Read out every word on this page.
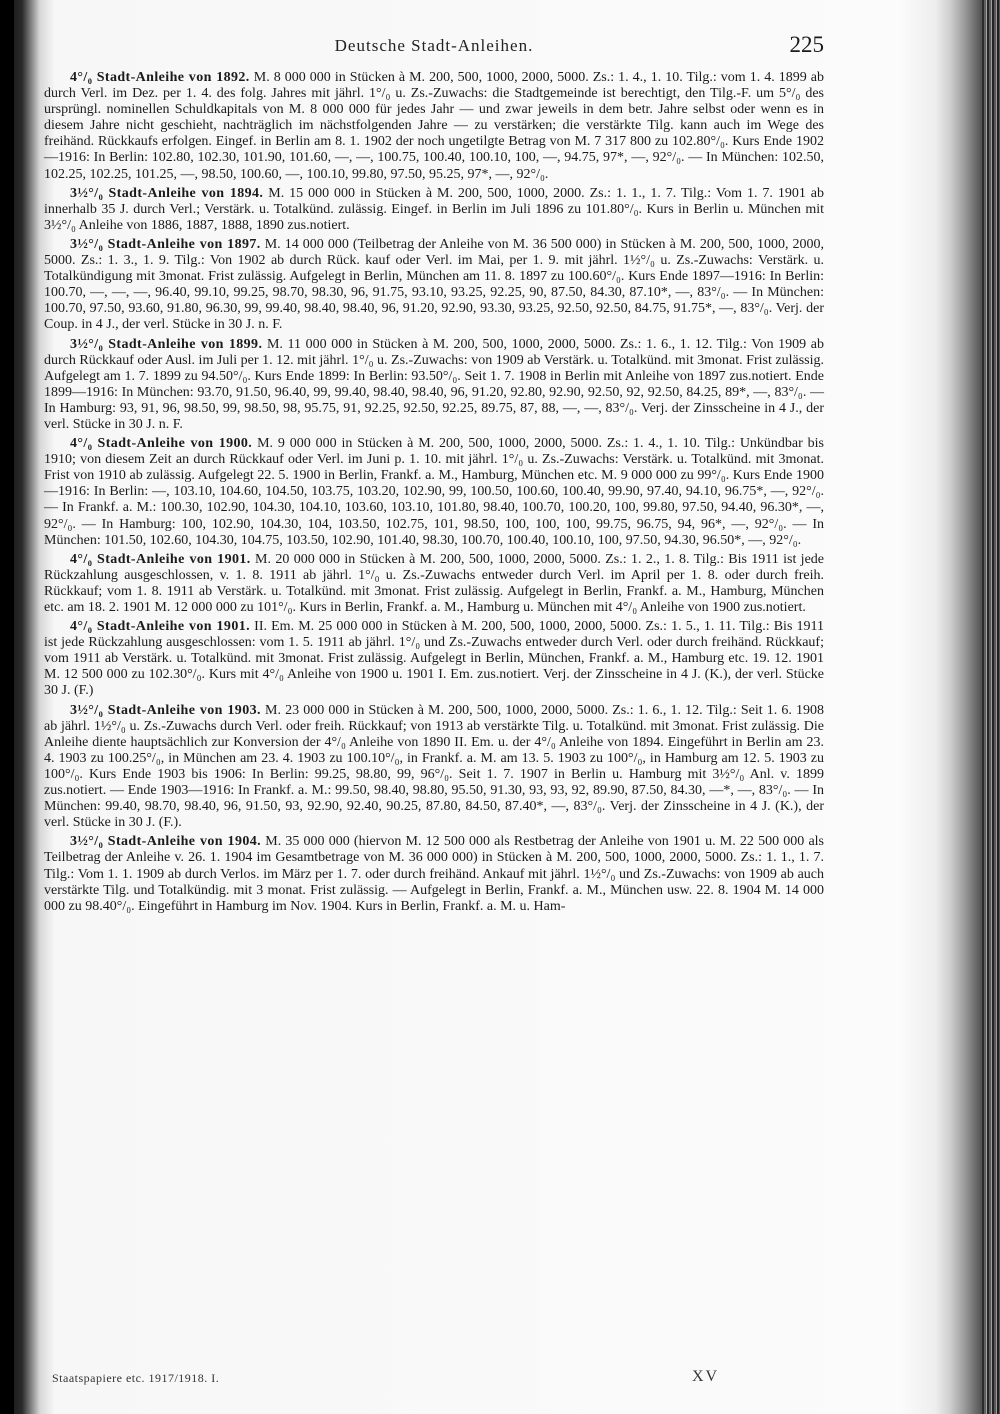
Deutsche Stadt-Anleihen.	225

4°/₀ Stadt-Anleihe von 1892. M. 8 000 000 in Stücken à M. 200, 500, 1000, 2000, 5000. Zs.: 1. 4., 1. 10. Tilg.: vom 1. 4. 1899 ab durch Verl. im Dez. per 1. 4. des folg. Jahres mit jährl. 1°/₀ u. Zs.-Zuwachs: die Stadtgemeinde ist berechtigt, den Tilg.-F. um 5°/₀ des ursprüngl. nominellen Schuldkapitals von M. 8 000 000 für jedes Jahr — und zwar jeweils in dem betr. Jahre selbst oder wenn es in diesem Jahre nicht geschieht, nachträglich im nächstfolgenden Jahre — zu verstärken; die verstärkte Tilg. kann auch im Wege des freihänd. Rückkaufs erfolgen. Eingef. in Berlin am 8. 1. 1902 der noch ungetilgte Betrag von M. 7 317 800 zu 102.80°/₀. Kurs Ende 1902—1916: In Berlin: 102.80, 102.30, 101.90, 101.60, —, —, 100.75, 100.40, 100.10, 100, —, 94.75, 97*, —, 92°/₀. — In München: 102.50, 102.25, 102.25, 101.25, —, 98.50, 100.60, —, 100.10, 99.80, 97.50, 95.25, 97*, —, 92°/₀.

3½°/₀ Stadt-Anleihe von 1894. M. 15 000 000 in Stücken à M. 200, 500, 1000, 2000. Zs.: 1. 1., 1. 7. Tilg.: Vom 1. 7. 1901 ab innerhalb 35 J. durch Verl.; Verstärk. u. Totalkünd. zulässig. Eingef. in Berlin im Juli 1896 zu 101.80°/₀. Kurs in Berlin u. München mit 3½°/₀ Anleihe von 1886, 1887, 1888, 1890 zus.notiert.

3½°/₀ Stadt-Anleihe von 1897. M. 14 000 000 (Teilbetrag der Anleihe von M. 36 500 000) in Stücken à M. 200, 500, 1000, 2000, 5000. Zs.: 1. 3., 1. 9. Tilg.: Von 1902 ab durch Rück. kauf oder Verl. im Mai, per 1. 9. mit jährl. 1½°/₀ u. Zs.-Zuwachs: Verstärk. u. Totalkündigung mit 3monat. Frist zulässig. Aufgelegt in Berlin, München am 11. 8. 1897 zu 100.60°/₀. Kurs Ende 1897—1916: In Berlin: 100.70, —, —, —, 96.40, 99.10, 99.25, 98.70, 98.30, 96, 91.75, 93.10, 93.25, 92.25, 90, 87.50, 84.30, 87.10*, —, 83°/₀. — In München: 100.70, 97.50, 93.60, 91.80, 96.30, 99, 99.40, 98.40, 98.40, 96, 91.20, 92.90, 93.30, 93.25, 92.50, 92.50, 84.75, 91.75*, —, 83°/₀. Verj. der Coup. in 4 J., der verl. Stücke in 30 J. n. F.

3½°/₀ Stadt-Anleihe von 1899. M. 11 000 000 in Stücken à M. 200, 500, 1000, 2000, 5000. Zs.: 1. 6., 1. 12. Tilg.: Von 1909 ab durch Rückkauf oder Ausl. im Juli per 1. 12. mit jährl. 1°/₀ u. Zs.-Zuwachs: von 1909 ab Verstärk. u. Totalkünd. mit 3monat. Frist zulässig. Aufgelegt am 1. 7. 1899 zu 94.50°/₀. Kurs Ende 1899: In Berlin: 93.50°/₀. Seit 1. 7. 1908 in Berlin mit Anleihe von 1897 zus.notiert. Ende 1899—1916: In München: 93.70, 91.50, 96.40, 99, 99.40, 98.40, 98.40, 96, 91.20, 92.80, 92.90, 92.50, 92, 92.50, 84.25, 89*, —, 83°/₀. — In Hamburg: 93, 91, 96, 98.50, 99, 98.50, 98, 95.75, 91, 92.25, 92.50, 92.25, 89.75, 87, 88, —, —, 83°/₀. Verj. der Zinsscheine in 4 J., der verl. Stücke in 30 J. n. F.

4°/₀ Stadt-Anleihe von 1900. M. 9 000 000 in Stücken à M. 200, 500, 1000, 2000, 5000. Zs.: 1. 4., 1. 10. Tilg.: Unkündbar bis 1910; von diesem Zeit an durch Rückkauf oder Verl. im Juni p. 1. 10. mit jährl. 1°/₀ u. Zs.-Zuwachs: Verstärk. u. Totalkünd. mit 3monat. Frist von 1910 ab zulässig. Aufgelegt 22. 5. 1900 in Berlin, Frankf. a. M., Hamburg, München etc. M. 9 000 000 zu 99°/₀. Kurs Ende 1900—1916: In Berlin: —, 103.10, 104.60, 104.50, 103.75, 103.20, 102.90, 99, 100.50, 100.60, 100.40, 99.90, 97.40, 94.10, 96.75*, —, 92°/₀. — In Frankf. a. M.: 100.30, 102.90, 104.30, 104.10, 103.60, 103.10, 101.80, 98.40, 100.70, 100.20, 100, 99.80, 97.50, 94.40, 96.30*, —, 92°/₀. — In Hamburg: 100, 102.90, 104.30, 104, 103.50, 102.75, 101, 98.50, 100, 100, 100, 99.75, 96.75, 94, 96*, —, 92°/₀. — In München: 101.50, 102.60, 104.30, 104.75, 103.50, 102.90, 101.40, 98.30, 100.70, 100.40, 100.10, 100, 97.50, 94.30, 96.50*, —, 92°/₀.

4°/₀ Stadt-Anleihe von 1901. M. 20 000 000 in Stücken à M. 200, 500, 1000, 2000, 5000. Zs.: 1. 2., 1. 8. Tilg.: Bis 1911 ist jede Rückzahlung ausgeschlossen, v. 1. 8. 1911 ab jährl. 1°/₀ u. Zs.-Zuwachs entweder durch Verl. im April per 1. 8. oder durch freih. Rückkauf; vom 1. 8. 1911 ab Verstärk. u. Totalkünd. mit 3monat. Frist zulässig. Aufgelegt in Berlin, Frankf. a. M., Hamburg, München etc. am 18. 2. 1901 M. 12 000 000 zu 101°/₀. Kurs in Berlin, Frankf. a. M., Hamburg u. München mit 4°/₀ Anleihe von 1900 zus.notiert.

4°/₀ Stadt-Anleihe von 1901. II. Em. M. 25 000 000 in Stücken à M. 200, 500, 1000, 2000, 5000. Zs.: 1. 5., 1. 11. Tilg.: Bis 1911 ist jede Rückzahlung ausgeschlossen: vom 1. 5. 1911 ab jährl. 1°/₀ und Zs.-Zuwachs entweder durch Verl. oder durch freihänd. Rückkauf; vom 1911 ab Verstärk. u. Totalkünd. mit 3monat. Frist zulässig. Aufgelegt in Berlin, München, Frankf. a. M., Hamburg etc. 19. 12. 1901 M. 12 500 000 zu 102.30°/₀. Kurs mit 4°/₀ Anleihe von 1900 u. 1901 I. Em. zus.notiert. Verj. der Zinsscheine in 4 J. (K.), der verl. Stücke 30 J. (F.)

3½°/₀ Stadt-Anleihe von 1903. M. 23 000 000 in Stücken à M. 200, 500, 1000, 2000, 5000. Zs.: 1. 6., 1. 12. Tilg.: Seit 1. 6. 1908 ab jährl. 1½°/₀ u. Zs.-Zuwachs durch Verl. oder freih. Rückkauf; von 1913 ab verstärkte Tilg. u. Totalkünd. mit 3monat. Frist zulässig. Die Anleihe diente hauptsächlich zur Konversion der 4°/₀ Anleihe von 1890 II. Em. u. der 4°/₀ Anleihe von 1894. Eingeführt in Berlin am 23. 4. 1903 zu 100.25°/₀, in München am 23. 4. 1903 zu 100.10°/₀, in Frankf. a. M. am 13. 5. 1903 zu 100°/₀, in Hamburg am 12. 5. 1903 zu 100°/₀. Kurs Ende 1903 bis 1906: In Berlin: 99.25, 98.80, 99, 96°/₀. Seit 1. 7. 1907 in Berlin u. Hamburg mit 3½°/₀ Anl. v. 1899 zus.notiert. — Ende 1903—1916: In Frankf. a. M.: 99.50, 98.40, 98.80, 95.50, 91.30, 93, 93, 92, 89.90, 87.50, 84.30, —*, —, 83°/₀. — In München: 99.40, 98.70, 98.40, 96, 91.50, 93, 92.90, 92.40, 90.25, 87.80, 84.50, 87.40*, —, 83°/₀. Verj. der Zinsscheine in 4 J. (K.), der verl. Stücke in 30 J. (F.).

3½°/₀ Stadt-Anleihe von 1904. M. 35 000 000 (hiervon M. 12 500 000 als Restbetrag der Anleihe von 1901 u. M. 22 500 000 als Teilbetrag der Anleihe v. 26. 1. 1904 im Gesamtbetrage von M. 36 000 000) in Stücken à M. 200, 500, 1000, 2000, 5000. Zs.: 1. 1., 1. 7. Tilg.: Vom 1. 1. 1909 ab durch Verlos. im März per 1. 7. oder durch freihänd. Ankauf mit jährl. 1½°/₀ und Zs.-Zuwachs: von 1909 ab auch verstärkte Tilg. und Totalkündig. mit 3 monat. Frist zulässig. — Aufgelegt in Berlin, Frankf. a. M., München usw. 22. 8. 1904 M. 14 000 000 zu 98.40°/₀. Eingeführt in Hamburg im Nov. 1904. Kurs in Berlin, Frankf. a. M. u. Ham-

Staatspapiere etc. 1917/1918. I.	XV
